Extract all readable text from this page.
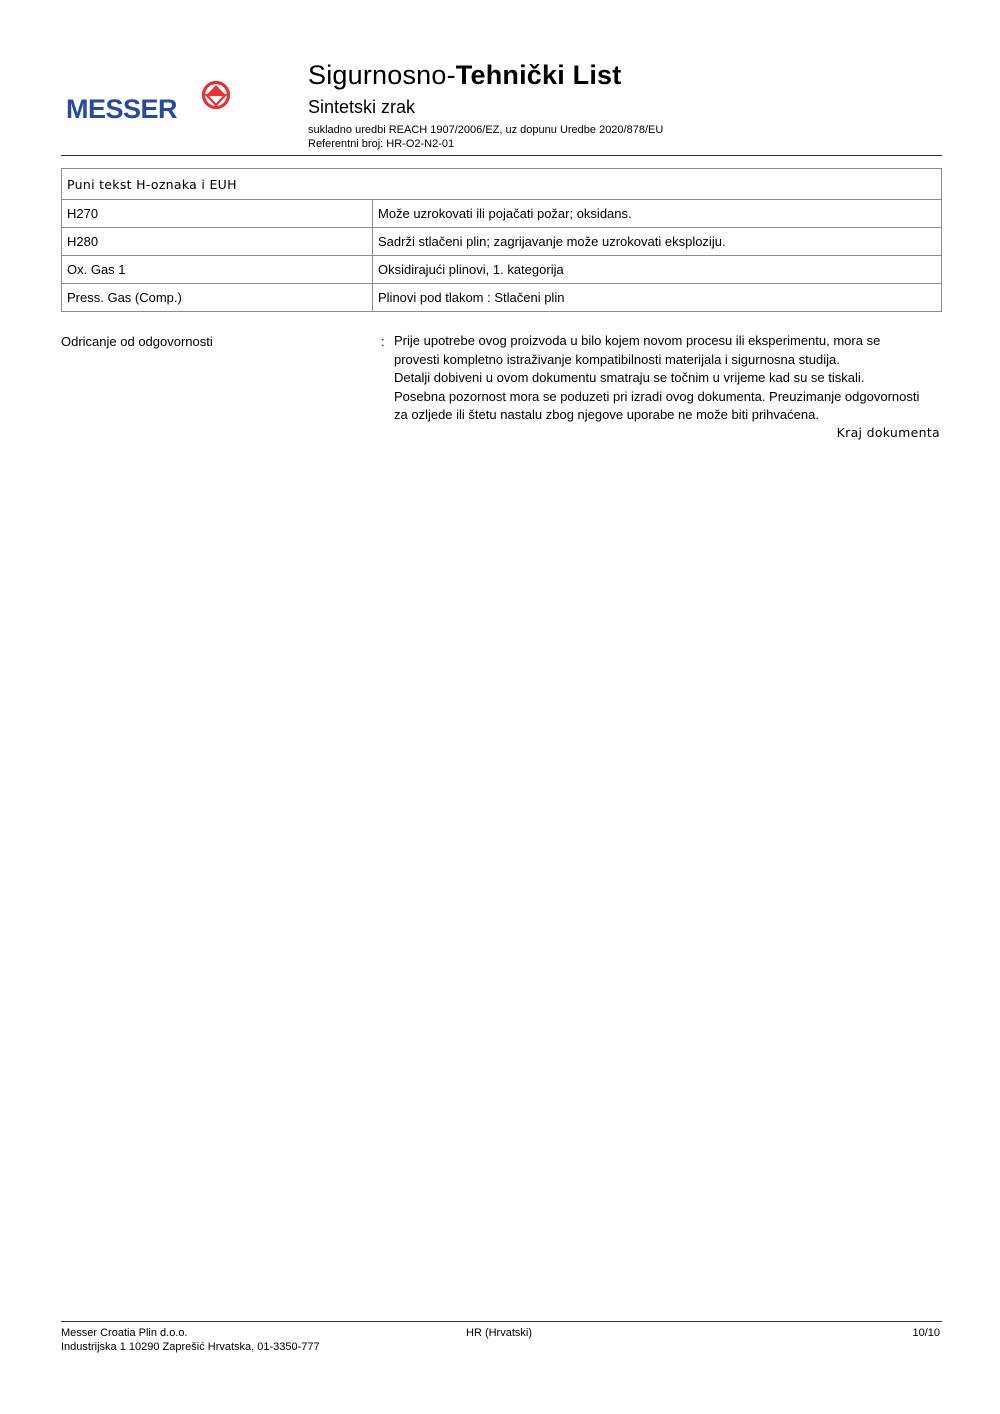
MESSER
Sigurnosno-Tehnički List
Sintetski zrak
sukladno uredbi REACH 1907/2006/EZ, uz dopunu Uredbe 2020/878/EU
Referentni broj: HR-O2-N2-01
Puni tekst H-oznaka i EUH	
H270	Može uzrokovati ili pojačati požar; oksidans.
H280	Sadrži stlačeni plin; zagrijavanje može uzrokovati eksploziju.
Ox. Gas 1	Oksidirajući plinovi, 1. kategorija
Press. Gas (Comp.)	Plinovi pod tlakom : Stlačeni plin
Odricanje od odgovornosti	: Prije upotrebe ovog proizvoda u bilo kojem novom procesu ili eksperimentu, mora se
provesti kompletno istraživanje kompatibilnosti materijala i sigurnosna studija.
Detalji dobiveni u ovom dokumentu smatraju se točnim u vrijeme kad su se tiskali.
Posebna pozornost mora se poduzeti pri izradi ovog dokumenta. Preuzimanje odgovornosti
za ozljede ili štetu nastalu zbog njegove uporabe ne može biti prihvaćena.
Kraj dokumenta
Messer Croatia Plin d.o.o.
Industrijska 1 10290 Zaprešić Hrvatska, 01-3350-777
HR (Hrvatski)	10/10
